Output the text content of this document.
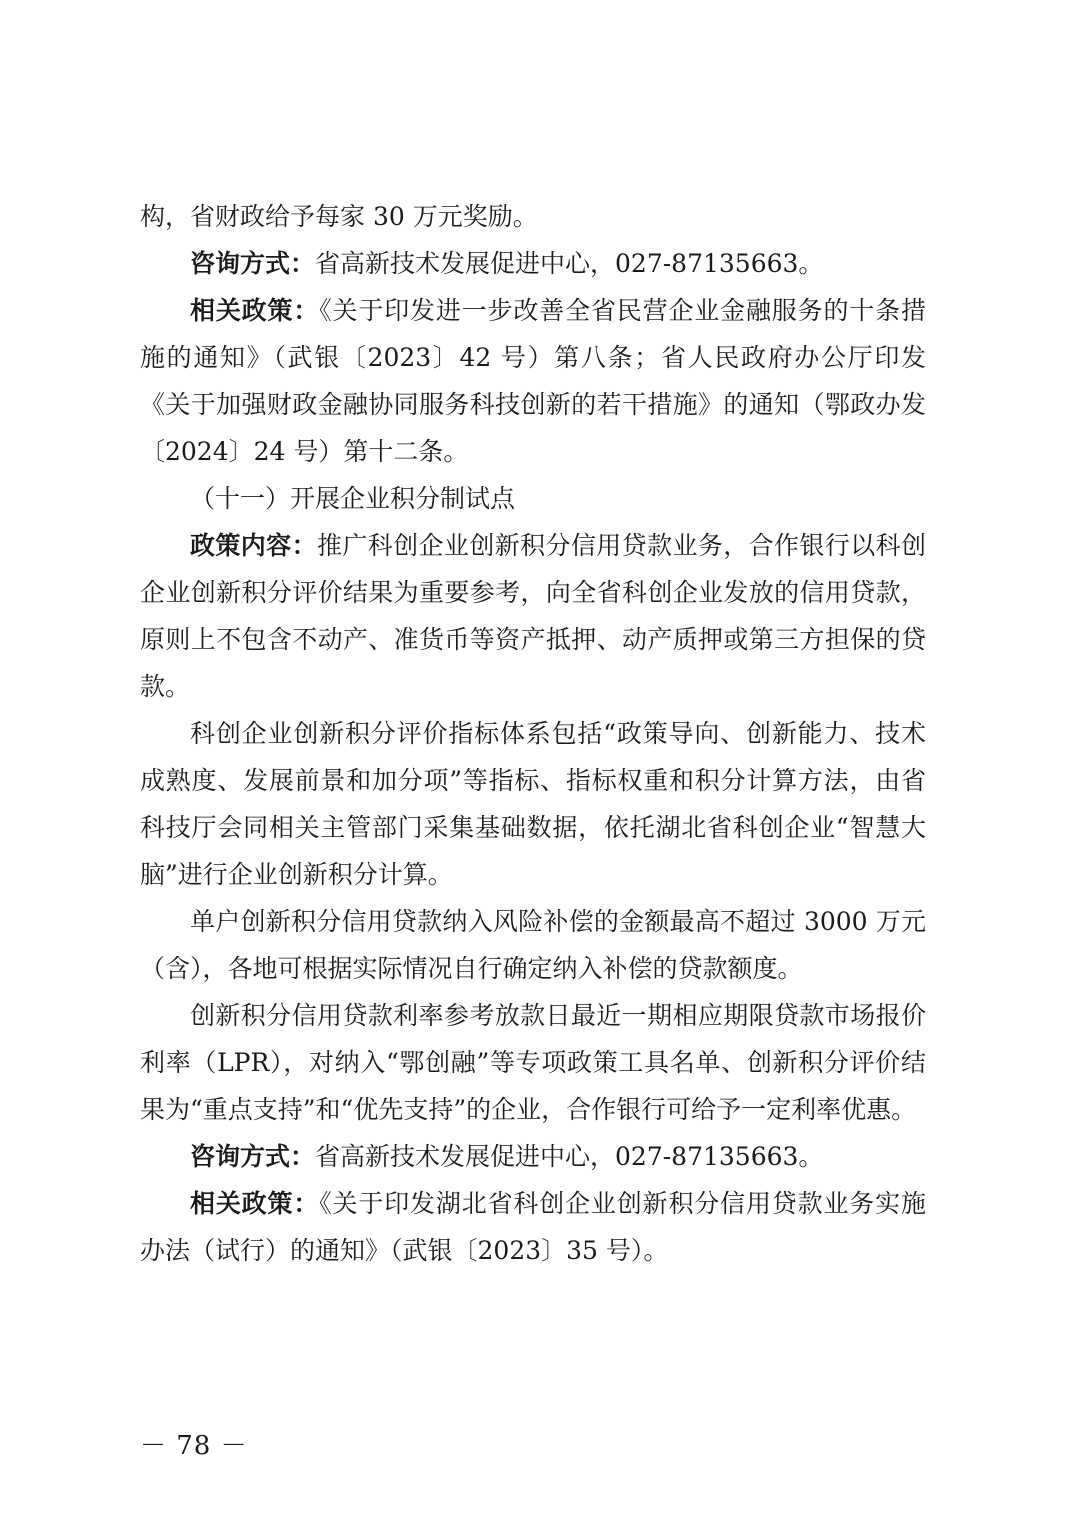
构，省财政给予每家 30 万元奖励。

咨询方式：省高新技术发展促进中心，027-87135663。

相关政策：《关于印发进一步改善全省民营企业金融服务的十条措施的通知》（武银〔2023〕42 号）第八条；省人民政府办公厅印发《关于加强财政金融协同服务科技创新的若干措施》的通知（鄂政办发〔2024〕24 号）第十二条。

（十一）开展企业积分制试点

政策内容：推广科创企业创新积分信用贷款业务，合作银行以科创企业创新积分评价结果为重要参考，向全省科创企业发放的信用贷款，原则上不包含不动产、准货币等资产抵押、动产质押或第三方担保的贷款。

科创企业创新积分评价指标体系包括“政策导向、创新能力、技术成熟度、发展前景和加分项”等指标、指标权重和积分计算方法，由省科技厅会同相关主管部门采集基础数据，依托湖北省科创企业“智慧大脑”进行企业创新积分计算。

单户创新积分信用贷款纳入风险补偿的金额最高不超过 3000 万元（含），各地可根据实际情况自行确定纳入补偿的贷款额度。

创新积分信用贷款利率参考放款日最近一期相应期限贷款市场报价利率（LPR），对纳入“鄂创融”等专项政策工具名单、创新积分评价结果为“重点支持”和“优先支持”的企业，合作银行可给予一定利率优惠。

咨询方式：省高新技术发展促进中心，027-87135663。

相关政策：《关于印发湖北省科创企业创新积分信用贷款业务实施办法（试行）的通知》（武银〔2023〕35 号）。

－ 78 －
